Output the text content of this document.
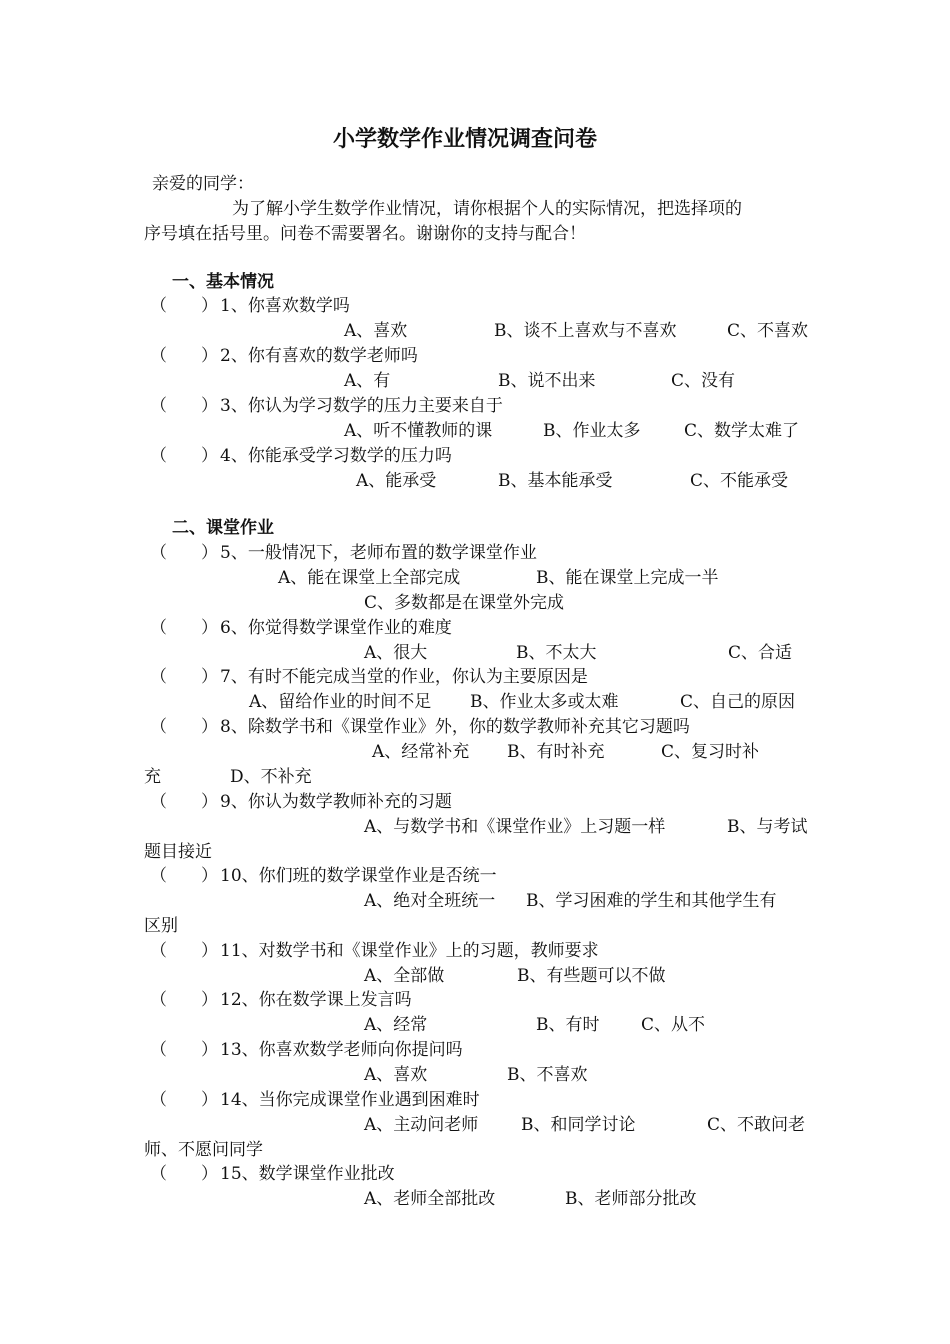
小学数学作业情况调查问卷
亲爱的同学：
为了解小学生数学作业情况，请你根据个人的实际情况，把选择项的
序号填在括号里。问卷不需要署名。谢谢你的支持与配合！
一、基本情况
（　　） 1、你喜欢数学吗
A、喜欢	B、谈不上喜欢与不喜欢	C、不喜欢
（　　） 2、你有喜欢的数学老师吗
A、有	B、说不出来	C、没有
（　　） 3、你认为学习数学的压力主要来自于
A、听不懂教师的课	B、作业太多	C、数学太难了
（　　） 4、你能承受学习数学的压力吗
A、能承受	B、基本能承受	C、不能承受
二、课堂作业
（　　） 5、一般情况下，老师布置的数学课堂作业
A、能在课堂上全部完成	B、能在课堂上完成一半
C、多数都是在课堂外完成
（　　） 6、你觉得数学课堂作业的难度
A、很大	B、不太大	C、合适
（　　） 7、有时不能完成当堂的作业，你认为主要原因是
A、留给作业的时间不足 B、作业太多或太难	C、自己的原因
（　　） 8、除数学书和《课堂作业》外，你的数学教师补充其它习题吗
A、经常补充 B、有时补充	C、复习时补
充	D、不补充
（　　） 9、你认为数学教师补充的习题
A、与数学书和《课堂作业》上习题一样	B、与考试
题目接近
（　　） 10、你们班的数学课堂作业是否统一
A、绝对全班统一 B、学习困难的学生和其他学生有
区别
（　　） 11、对数学书和《课堂作业》上的习题，教师要求
A、全部做	B、有些题可以不做
（　　） 12、你在数学课上发言吗
A、经常	B、有时 C、从不
（　　） 13、你喜欢数学老师向你提问吗
A、喜欢	B、不喜欢
（　　） 14、当你完成课堂作业遇到困难时
A、主动问老师	B、和同学讨论	C、不敢问老
师、不愿问同学
（　　） 15、数学课堂作业批改
A、老师全部批改	B、老师部分批改
